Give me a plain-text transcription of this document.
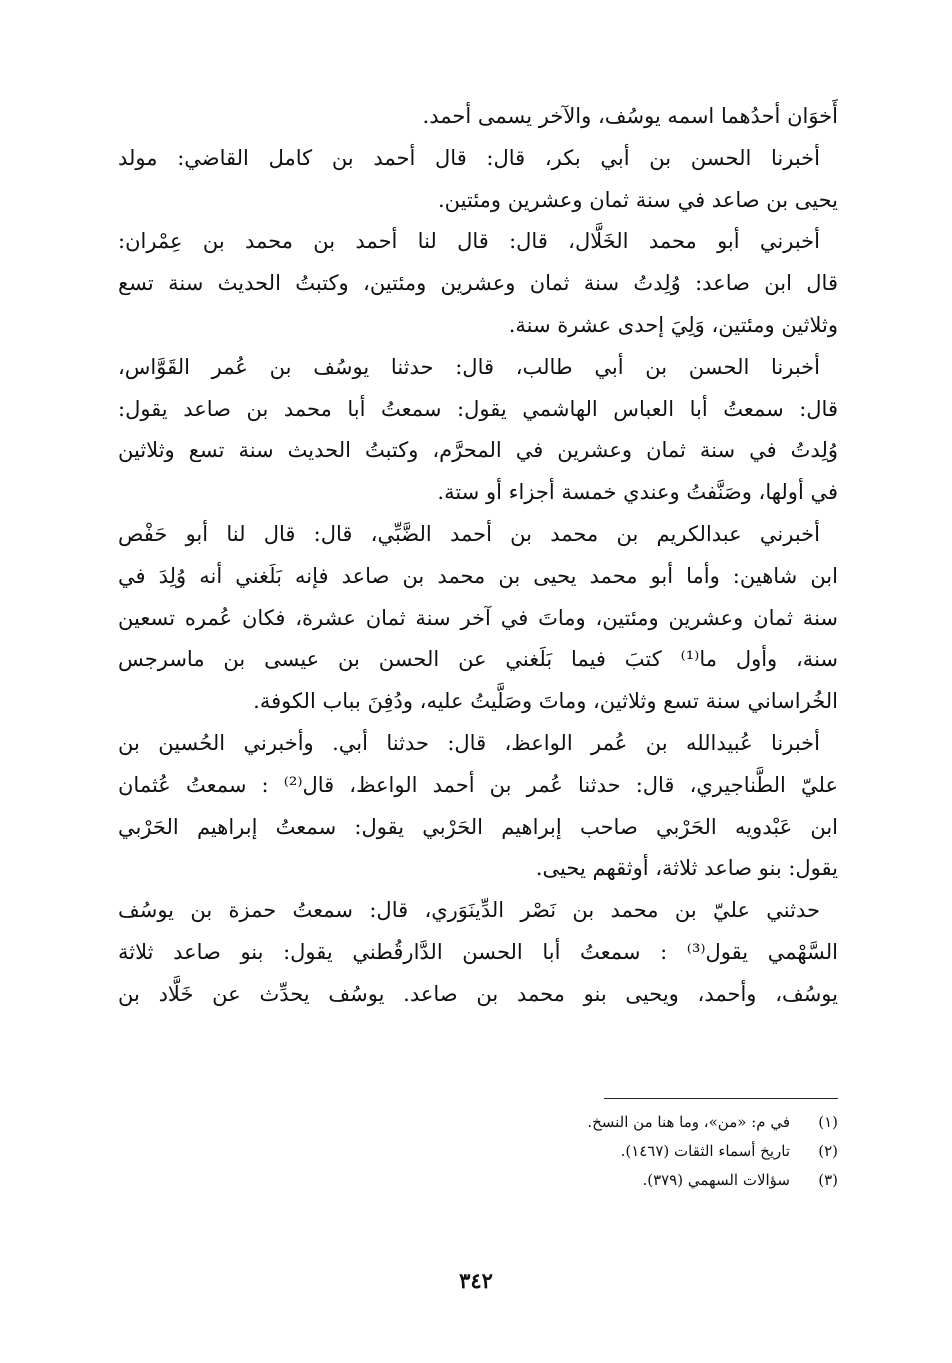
أَخوَان أحدُهما اسمه يوسُف، والآخر يسمى أحمد.
أخبرنا الحسن بن أبي بكر، قال: قال أحمد بن كامل القاضي: مولد
يحيى بن صاعد في سنة ثمان وعشرين ومئتين.
أخبرني أبو محمد الخَلَّال، قال: قال لنا أحمد بن محمد بن عِمْران:
قال ابن صاعد: وُلِدتُ سنة ثمان وعشرين ومئتين، وكتبتُ الحديث سنة تسع
وثلاثين ومئتين، وَلِيَ إحدى عشرة سنة.
أخبرنا الحسن بن أبي طالب، قال: حدثنا يوسُف بن عُمر القَوَّاس،
قال: سمعتُ أبا العباس الهاشمي يقول: سمعتُ أبا محمد بن صاعد يقول:
وُلِدتُ في سنة ثمان وعشرين في المحرَّم، وكتبتُ الحديث سنة تسع وثلاثين
في أولها، وصَنَّفتُ وعندي خمسة أجزاء أو ستة.
أخبرني عبدالكريم بن محمد بن أحمد الضَّبِّي، قال: قال لنا أبو حَفْص
ابن شاهين: وأما أبو محمد يحيى بن محمد بن صاعد فإنه بَلَغني أنه وُلِدَ في
سنة ثمان وعشرين ومئتين، وماتَ في آخر سنة ثمان عشرة، فكان عُمره تسعين
سنة، وأول ما⁽¹⁾ كتبَ فيما بَلَغني عن الحسن بن عيسى بن ماسرجس
الخُراساني سنة تسع وثلاثين، وماتَ وصَلَّيتُ عليه، ودُفِنَ بباب الكوفة.
أخبرنا عُبيدالله بن عُمر الواعظ، قال: حدثنا أبي. وأخبرني الحُسين بن
عليّ الطَّناجيري، قال: حدثنا عُمر بن أحمد الواعظ، قال⁽²⁾ : سمعتُ عُثمان
ابن عَبْدويه الحَرْبي صاحب إبراهيم الحَرْبي يقول: سمعتُ إبراهيم الحَرْبي
يقول: بنو صاعد ثلاثة، أوثقهم يحيى.
حدثني عليّ بن محمد بن نَصْر الدِّينَوَري، قال: سمعتُ حمزة بن يوسُف
السَّهْمي يقول⁽³⁾ : سمعتُ أبا الحسن الدَّارقُطني يقول: بنو صاعد ثلاثة
يوسُف، وأحمد، ويحيى بنو محمد بن صاعد. يوسُف يحدِّث عن خَلَّاد بن
(١)في م: «من»، وما هنا من النسخ.
(٢)تاريخ أسماء الثقات (١٤٦٧).
(٣)سؤالات السهمي (٣٧٩).
٣٤٢
